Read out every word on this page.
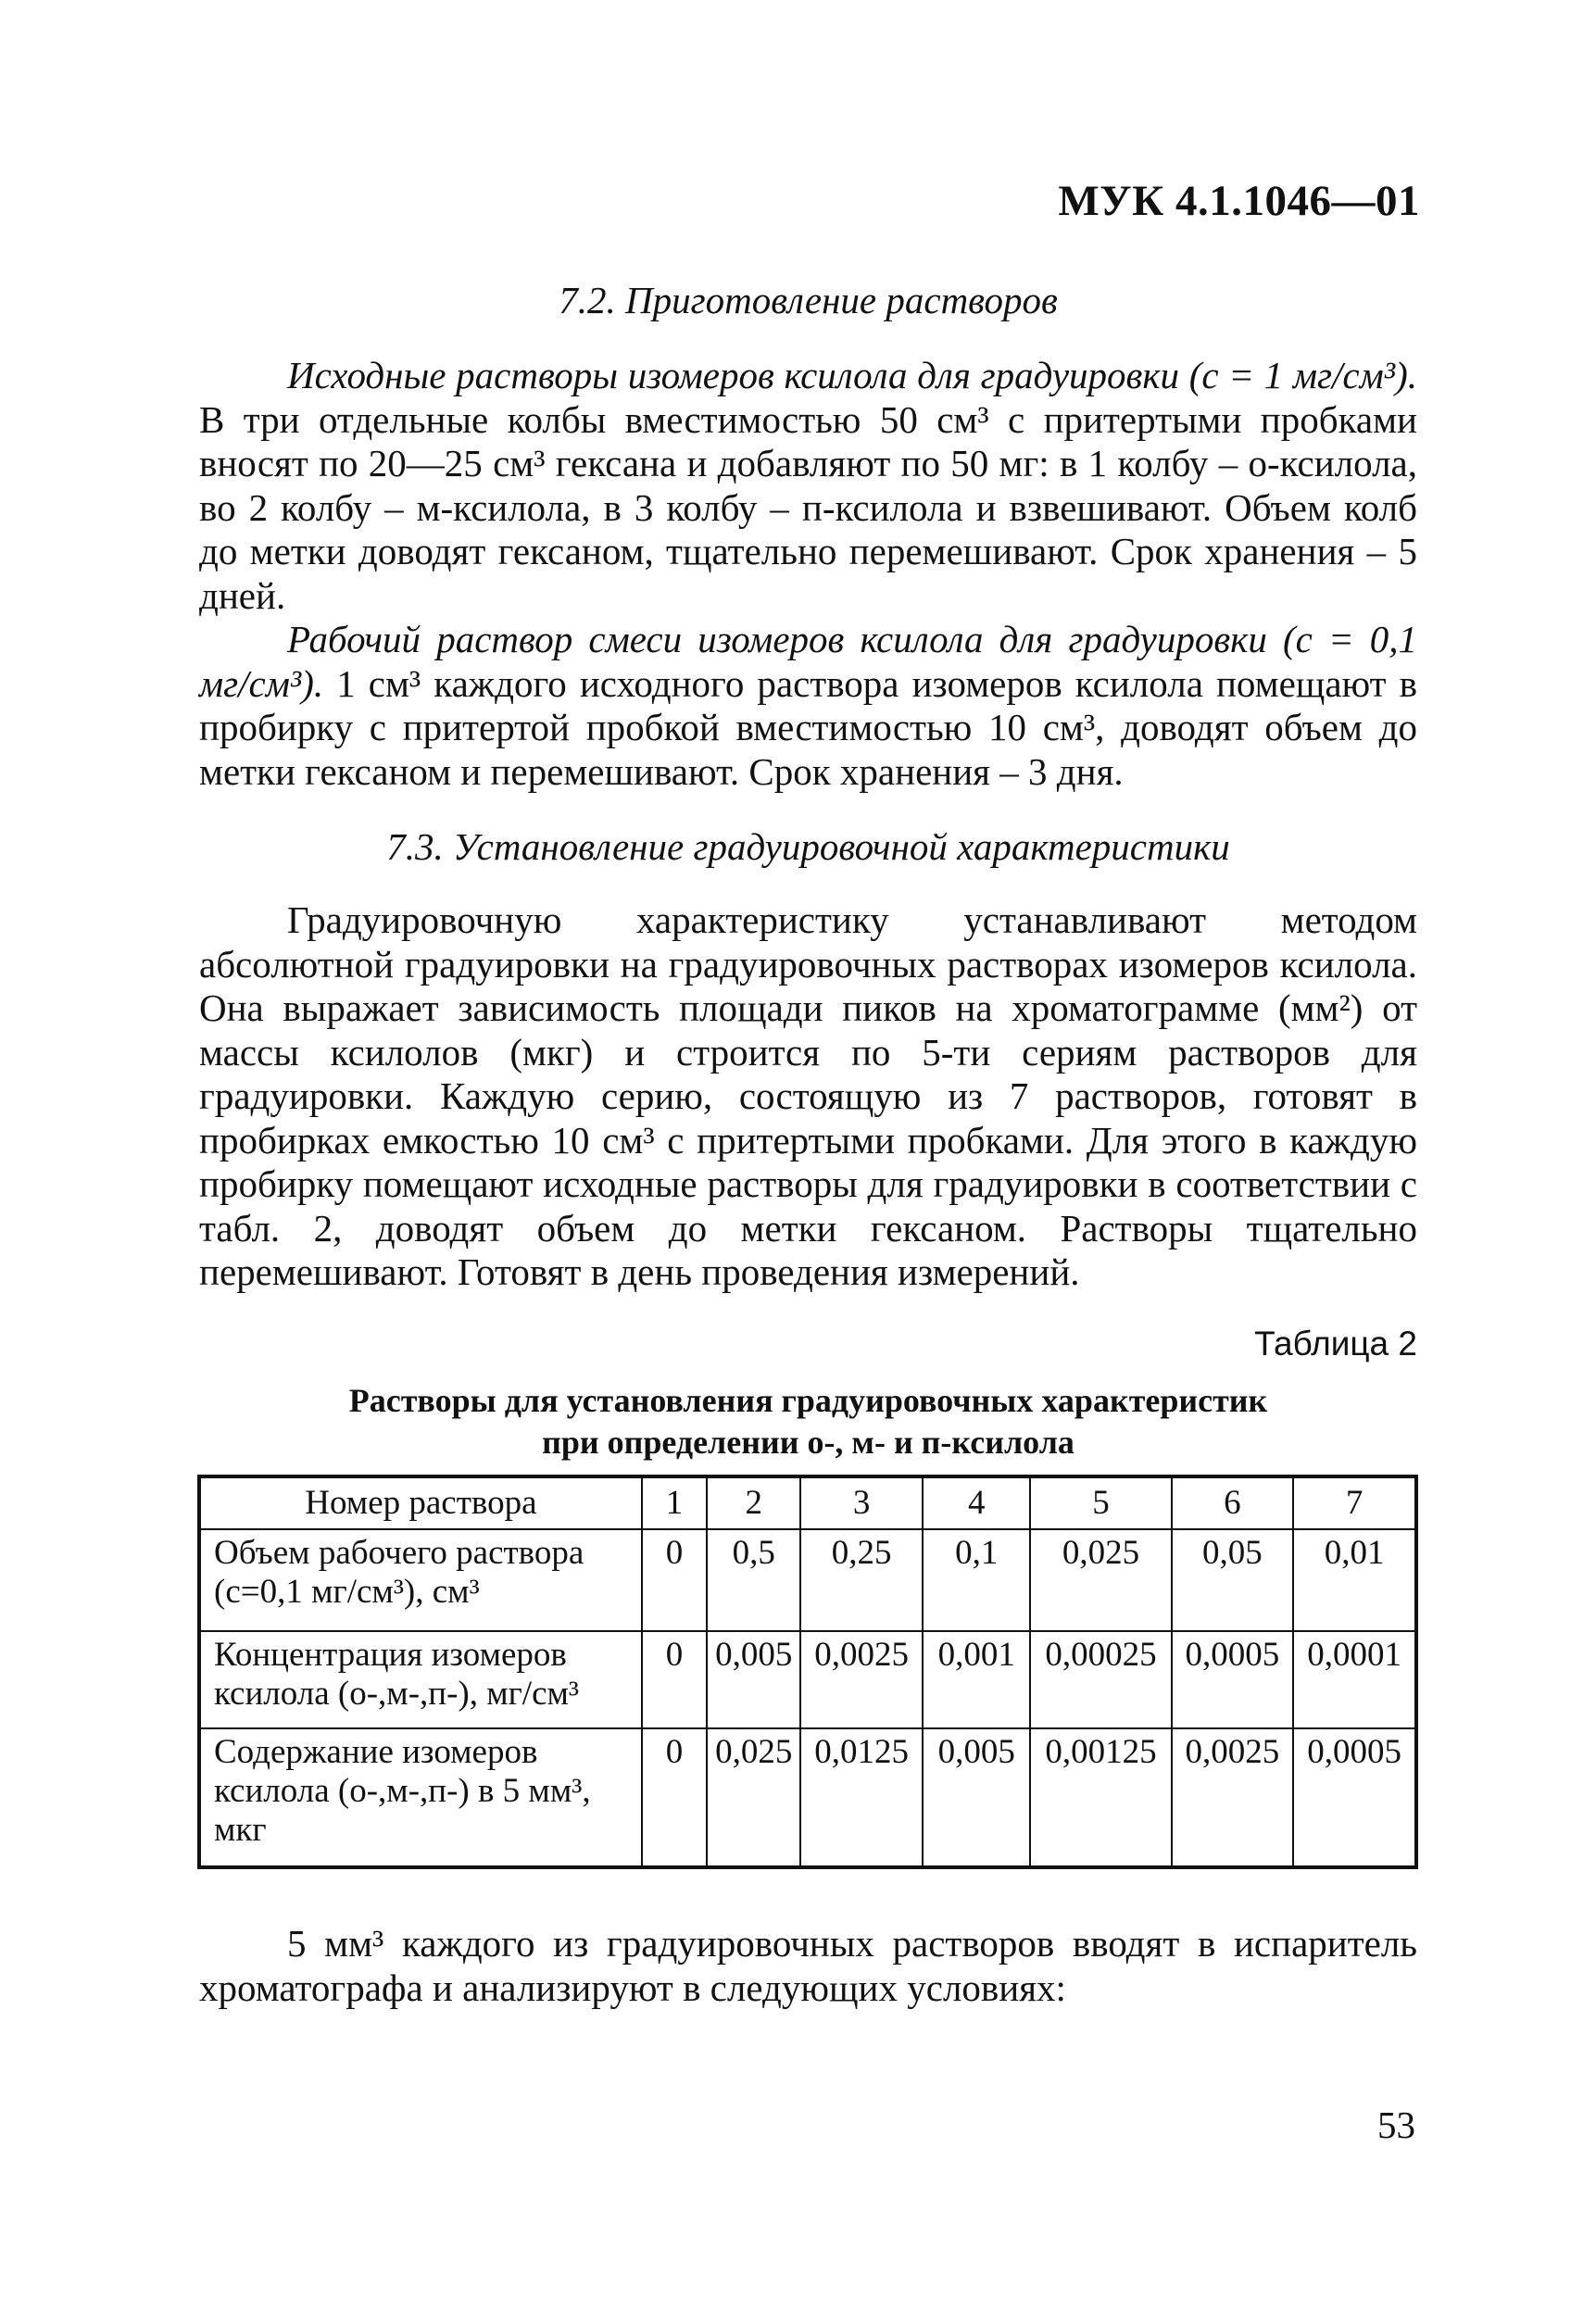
МУК 4.1.1046—01

7.2. Приготовление растворов

Исходные растворы изомеров ксилола для градуировки (с = 1 мг/см³). В три отдельные колбы вместимостью 50 см³ с притертыми пробками вносят по 20—25 см³ гексана и добавляют по 50 мг: в 1 колбу – о-ксилола, во 2 колбу – м-ксилола, в 3 колбу – п-ксилола и взвешивают. Объем колб до метки доводят гексаном, тщательно перемешивают. Срок хранения – 5 дней.

Рабочий раствор смеси изомеров ксилола для градуировки (с = 0,1 мг/см³). 1 см³ каждого исходного раствора изомеров ксилола помещают в пробирку с притертой пробкой вместимостью 10 см³, доводят объем до метки гексаном и перемешивают. Срок хранения – 3 дня.

7.3. Установление градуировочной характеристики

Градуировочную характеристику устанавливают методом абсолютной градуировки на градуировочных растворах изомеров ксилола. Она выражает зависимость площади пиков на хроматограмме (мм²) от массы ксилолов (мкг) и строится по 5-ти сериям растворов для градуировки. Каждую серию, состоящую из 7 растворов, готовят в пробирках емкостью 10 см³ с притертыми пробками. Для этого в каждую пробирку помещают исходные растворы для градуировки в соответствии с табл. 2, доводят объем до метки гексаном. Растворы тщательно перемешивают. Готовят в день проведения измерений.

Таблица 2
Растворы для установления градуировочных характеристик
при определении о-, м- и п-ксилола
Номер раствора	1	2	3	4	5	6	7
Объем рабочего раствора (с=0,1 мг/см³), см³	0	0,5	0,25	0,1	0,025	0,05	0,01
Концентрация изомеров ксилола (о-,м-,п-), мг/см³	0	0,005	0,0025	0,001	0,00025	0,0005	0,0001
Содержание изомеров ксилола (о-,м-,п-) в 5 мм³, мкг	0	0,025	0,0125	0,005	0,00125	0,0025	0,0005

5 мм³ каждого из градуировочных растворов вводят в испаритель хроматографа и анализируют в следующих условиях:

53
